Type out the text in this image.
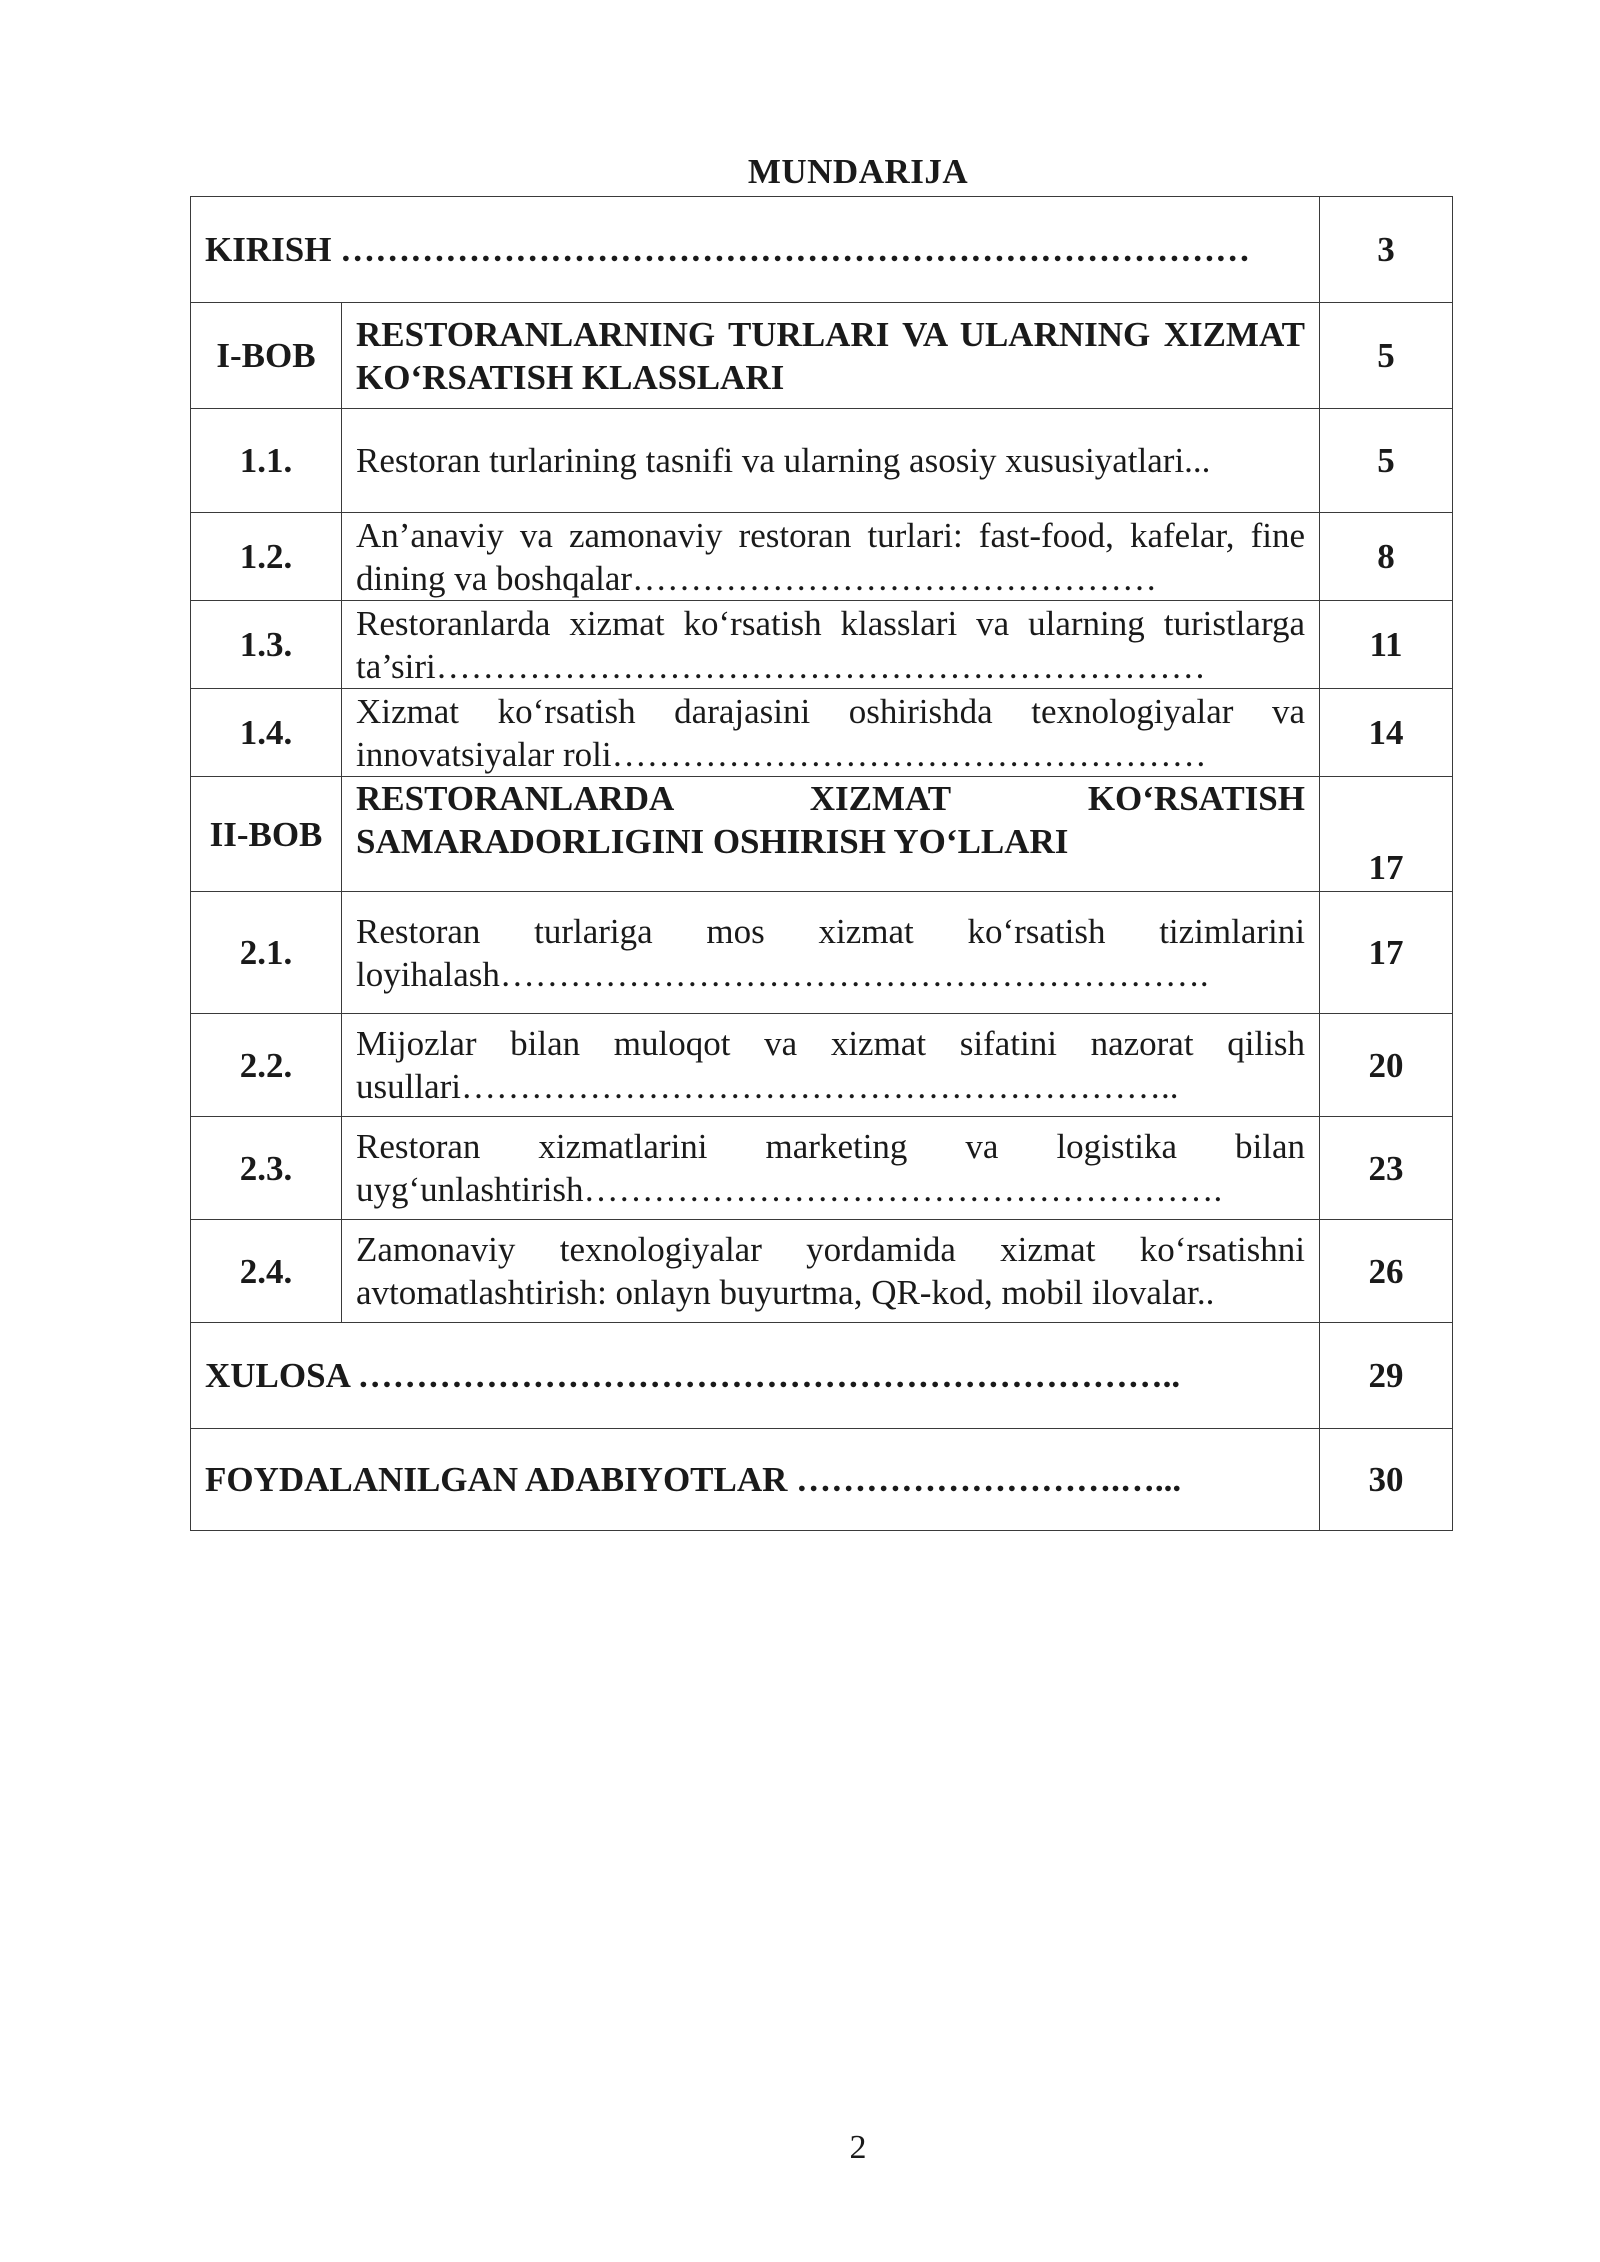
MUNDARIJA
KIRISH ……………………………………………………………………		3
I-BOB	RESTORANLARNING TURLARI VA ULARNING XIZMAT KO‘RSATISH KLASSLARI	5
1.1.	Restoran turlarining tasnifi va ularning asosiy xususiyatlari...	5
1.2.	An’anaviy va zamonaviy restoran turlari: fast-food, kafelar, fine dining va boshqalar………………………………………	8
1.3.	Restoranlarda xizmat ko‘rsatish klasslari va ularning turistlarga ta’siri…………………………………………………………	11
1.4.	Xizmat ko‘rsatish darajasini oshirishda texnologiyalar va innovatsiyalar roli……………………………………………	14
II-BOB	RESTORANLARDA XIZMAT KO‘RSATISH SAMARADORLIGINI OSHIRISH YO‘LLARI	17
2.1.	Restoran turlariga mos xizmat ko‘rsatish tizimlarini loyihalash…………………………………………………….	17
2.2.	Mijozlar bilan muloqot va xizmat sifatini nazorat qilish usullari……………………………………………………..	20
2.3.	Restoran xizmatlarini marketing va logistika bilan uyg‘unlashtirish……………………………………………….	23
2.4.	Zamonaviy texnologiyalar yordamida xizmat ko‘rsatishni avtomatlashtirish: onlayn buyurtma, QR-kod, mobil ilovalar..	26
XULOSA ……………………………………………………………..		29
FOYDALANILGAN ADABIYOTLAR ……………………….…...		30
2
